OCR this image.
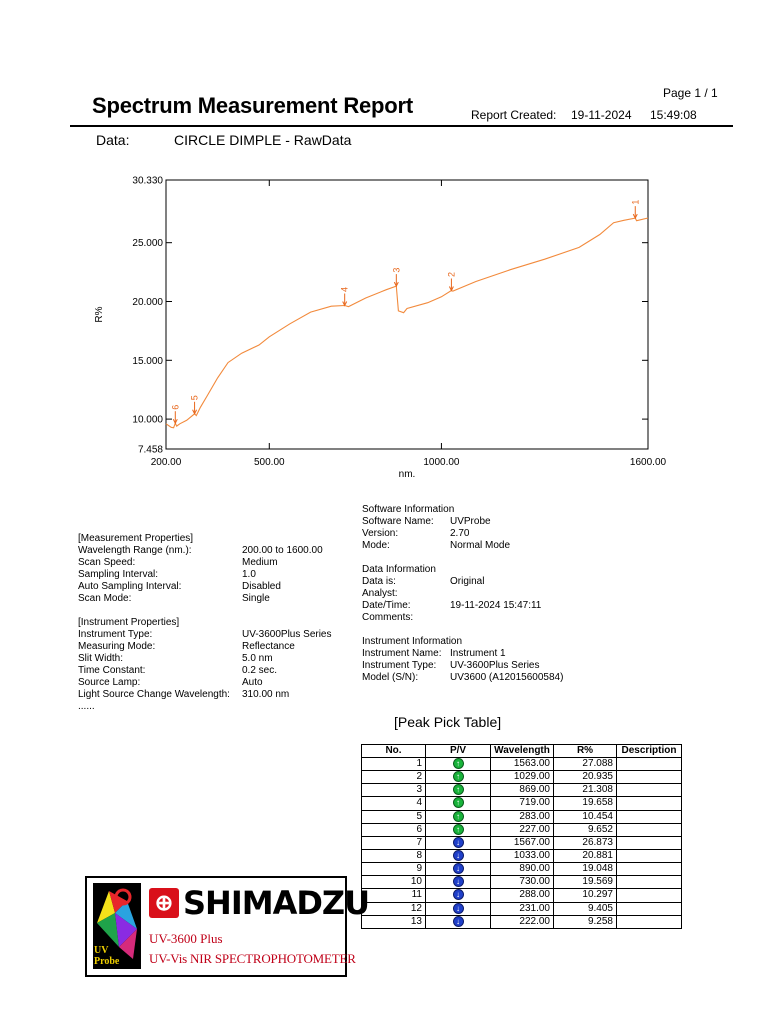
Page 1 / 1
Spectrum Measurement Report	Report Created: 19-11-2024 15:49:08
Data:	CIRCLE DIMPLE - RawData
7.458
10.000
15.000
20.000
25.000
30.330
200.00	500.00	1000.00	1600.00
1
2
3
4
5
6
R%
nm.
[Measurement Properties]
Wavelength Range (nm.):	200.00 to 1600.00
Scan Speed:	Medium
Sampling Interval:	1.0
Auto Sampling Interval:	Disabled
Scan Mode:	Single
[Instrument Properties]
Instrument Type:	UV-3600Plus Series
Measuring Mode:	Reflectance
Slit Width:	5.0 nm
Time Constant:	0.2 sec.
Source Lamp:	Auto
Light Source Change Wavelength: 310.00 nm
......
Software Information
Software Name: UVProbe
Version:	2.70
Mode:	Normal Mode
Data Information
Data is:	Original
Analyst:
Date/Time:	19-11-2024 15:47:11
Comments:
Instrument Information
Instrument Name: Instrument 1
Instrument Type: UV-3600Plus Series
Model (S/N):	UV3600 (A12015600584)
[Peak Pick Table]
No.	P/V	Wavelength	R%	Description
1	↑	1563.00	27.088	
2	↑	1029.00	20.935	
3	↑	869.00	21.308	
4	↑	719.00	19.658	
5	↑	283.00	10.454	
6	↑	227.00	9.652	
7	↓	1567.00	26.873	
8	↓	1033.00	20.881	
9	↓	890.00	19.048	
10	↓	730.00	19.569	
11	↓	288.00	10.297	
12	↓	231.00	9.405	
13	↓	222.00	9.258	
UV Probe
⊕ SHIMADZU
UV-3600 Plus
UV-Vis NIR SPECTROPHOTOMETER
